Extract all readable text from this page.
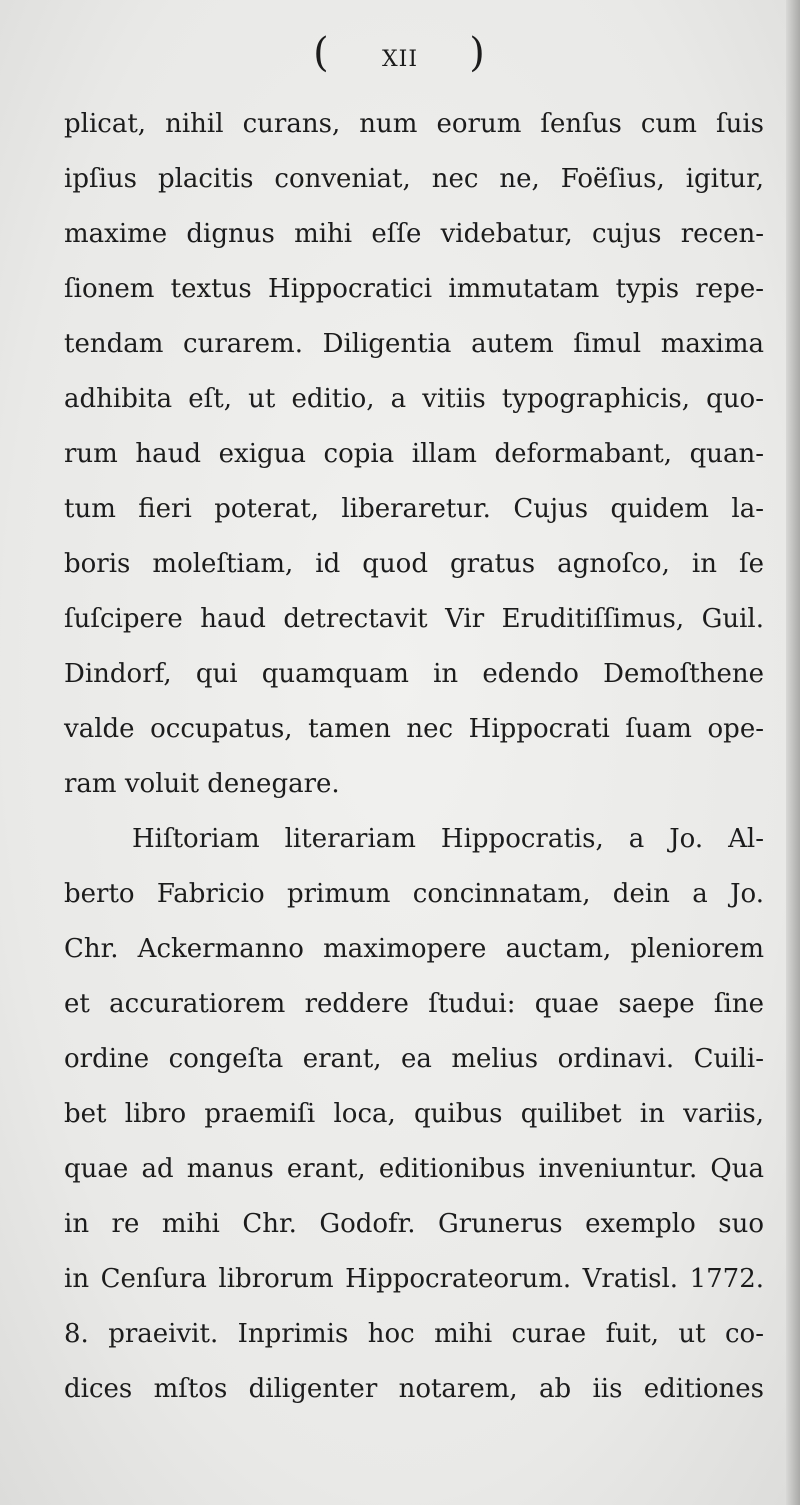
( XII )
plicat, nihil curans, num eorum ſenſus cum ſuis
ipſius placitis conveniat, nec ne, Foëſius, igitur,
maxime dignus mihi eſſe videbatur, cujus recen-
ſionem textus Hippocratici immutatam typis repe-
tendam curarem. Diligentia autem ſimul maxima
adhibita eſt, ut editio, a vitiis typographicis, quo-
rum haud exigua copia illam deformabant, quan-
tum fieri poterat, liberaretur. Cujus quidem la-
boris moleſtiam, id quod gratus agnoſco, in ſe
ſuſcipere haud detrectavit Vir Eruditiſſimus, Guil.
Dindorf, qui quamquam in edendo Demoſthene
valde occupatus, tamen nec Hippocrati ſuam ope-
ram voluit denegare.
Hiſtoriam literariam Hippocratis, a Jo. Al-
berto Fabricio primum concinnatam, dein a Jo.
Chr. Ackermanno maximopere auctam, pleniorem
et accuratiorem reddere ſtudui: quae saepe ſine
ordine congeſta erant, ea melius ordinavi. Cuili-
bet libro praemiſi loca, quibus quilibet in variis,
quae ad manus erant, editionibus inveniuntur. Qua
in re mihi Chr. Godofr. Grunerus exemplo suo
in Cenſura librorum Hippocrateorum. Vratisl. 1772.
8. praeivit. Inprimis hoc mihi curae fuit, ut co-
dices mſtos diligenter notarem, ab iis editiones
